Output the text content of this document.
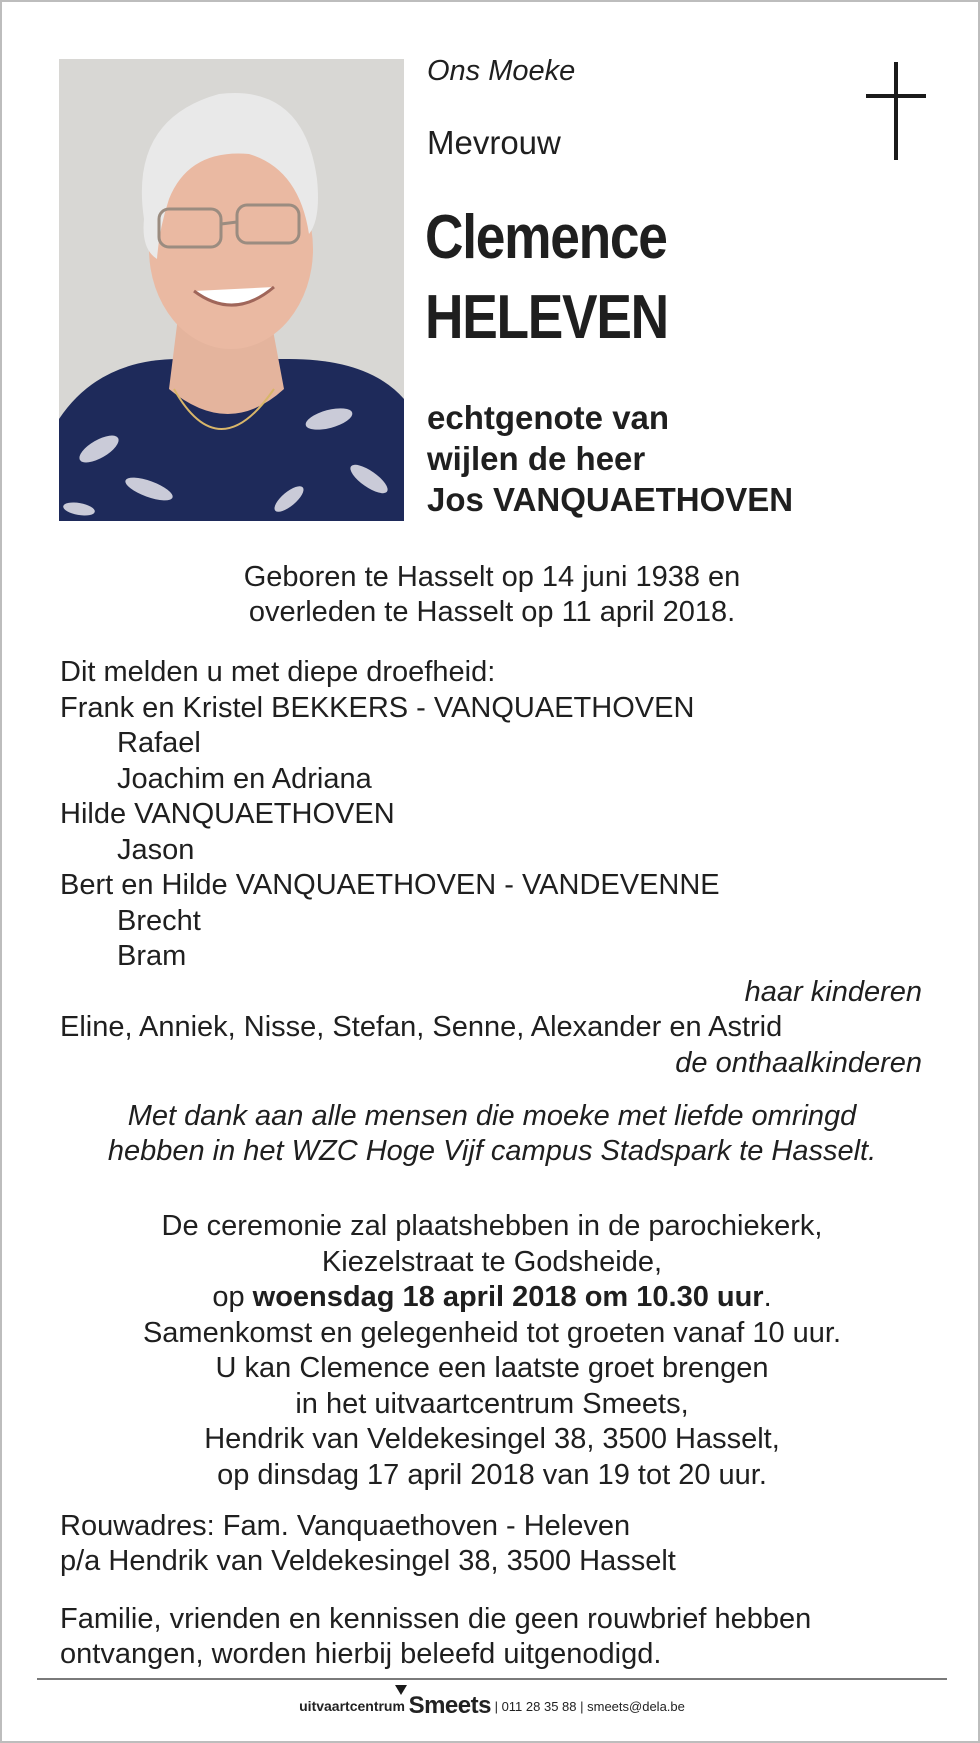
Ons Moeke
Mevrouw
Clemence
HELEVEN
echtgenote van
wijlen de heer
Jos VANQUAETHOVEN
Geboren te Hasselt op 14 juni 1938 en
overleden te Hasselt op 11 april 2018.
Dit melden u met diepe droefheid:
Frank en Kristel BEKKERS - VANQUAETHOVEN
Rafael
Joachim en Adriana
Hilde VANQUAETHOVEN
Jason
Bert en Hilde VANQUAETHOVEN - VANDEVENNE
Brecht
Bram
haar kinderen
Eline, Anniek, Nisse, Stefan, Senne, Alexander en Astrid
de onthaalkinderen
Met dank aan alle mensen die moeke met liefde omringd
hebben in het WZC Hoge Vijf campus Stadspark te Hasselt.
De ceremonie zal plaatshebben in de parochiekerk,
Kiezelstraat te Godsheide,
op woensdag 18 april 2018 om 10.30 uur.
Samenkomst en gelegenheid tot groeten vanaf 10 uur.
U kan Clemence een laatste groet brengen
in het uitvaartcentrum Smeets,
Hendrik van Veldekesingel 38, 3500 Hasselt,
op dinsdag 17 april 2018 van 19 tot 20 uur.
Rouwadres: Fam. Vanquaethoven - Heleven
p/a Hendrik van Veldekesingel 38, 3500 Hasselt
Familie, vrienden en kennissen die geen rouwbrief hebben
ontvangen, worden hierbij beleefd uitgenodigd.
uitvaartcentrum Smeets | 011 28 35 88 | smeets@dela.be
